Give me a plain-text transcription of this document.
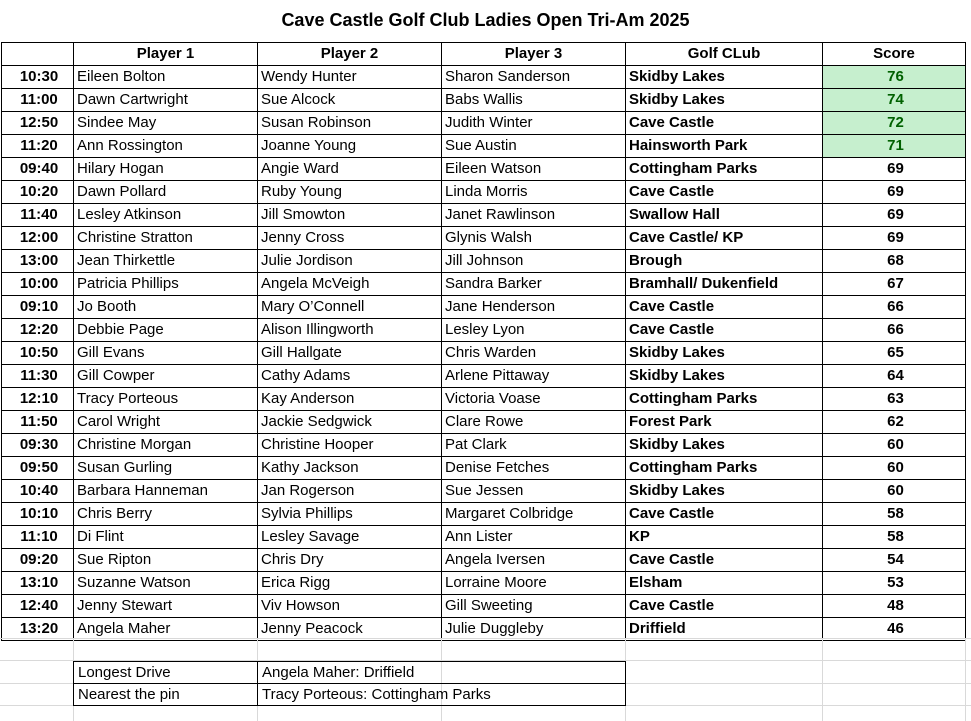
Cave Castle Golf Club Ladies Open Tri-Am 2025
	Player 1	Player 2	Player 3	Golf CLub	Score
10:30	Eileen Bolton	Wendy Hunter	Sharon Sanderson	Skidby Lakes	76
11:00	Dawn Cartwright	Sue Alcock	Babs Wallis	Skidby Lakes	74
12:50	Sindee May	Susan Robinson	Judith Winter	Cave Castle	72
11:20	Ann Rossington	Joanne Young	Sue Austin	Hainsworth Park	71
09:40	Hilary Hogan	Angie Ward	Eileen Watson	Cottingham Parks	69
10:20	Dawn Pollard	Ruby Young	Linda Morris	Cave Castle	69
11:40	Lesley Atkinson	Jill Smowton	Janet Rawlinson	Swallow Hall	69
12:00	Christine Stratton	Jenny Cross	Glynis Walsh	Cave Castle/ KP	69
13:00	Jean Thirkettle	Julie Jordison	Jill Johnson	Brough	68
10:00	Patricia Phillips	Angela McVeigh	Sandra Barker	Bramhall/ Dukenfield	67
09:10	Jo Booth	Mary O’Connell	Jane Henderson	Cave Castle	66
12:20	Debbie Page	Alison Illingworth	Lesley Lyon	Cave Castle	66
10:50	Gill Evans	Gill Hallgate	Chris Warden	Skidby Lakes	65
11:30	Gill Cowper	Cathy Adams	Arlene Pittaway	Skidby Lakes	64
12:10	Tracy Porteous	Kay Anderson	Victoria Voase	Cottingham Parks	63
11:50	Carol Wright	Jackie Sedgwick	Clare Rowe	Forest Park	62
09:30	Christine Morgan	Christine Hooper	Pat Clark	Skidby Lakes	60
09:50	Susan Gurling	Kathy Jackson	Denise Fetches	Cottingham Parks	60
10:40	Barbara Hanneman	Jan Rogerson	Sue Jessen	Skidby Lakes	60
10:10	Chris Berry	Sylvia Phillips	Margaret Colbridge	Cave Castle	58
11:10	Di Flint	Lesley Savage	Ann Lister	KP	58
09:20	Sue Ripton	Chris Dry	Angela Iversen	Cave Castle	54
13:10	Suzanne Watson	Erica Rigg	Lorraine Moore	Elsham	53
12:40	Jenny Stewart	Viv Howson	Gill Sweeting	Cave Castle	48
13:20	Angela Maher	Jenny Peacock	Julie Duggleby	Driffield	46
Longest Drive	Angela Maher: Driffield
Nearest the pin	Tracy Porteous: Cottingham Parks
